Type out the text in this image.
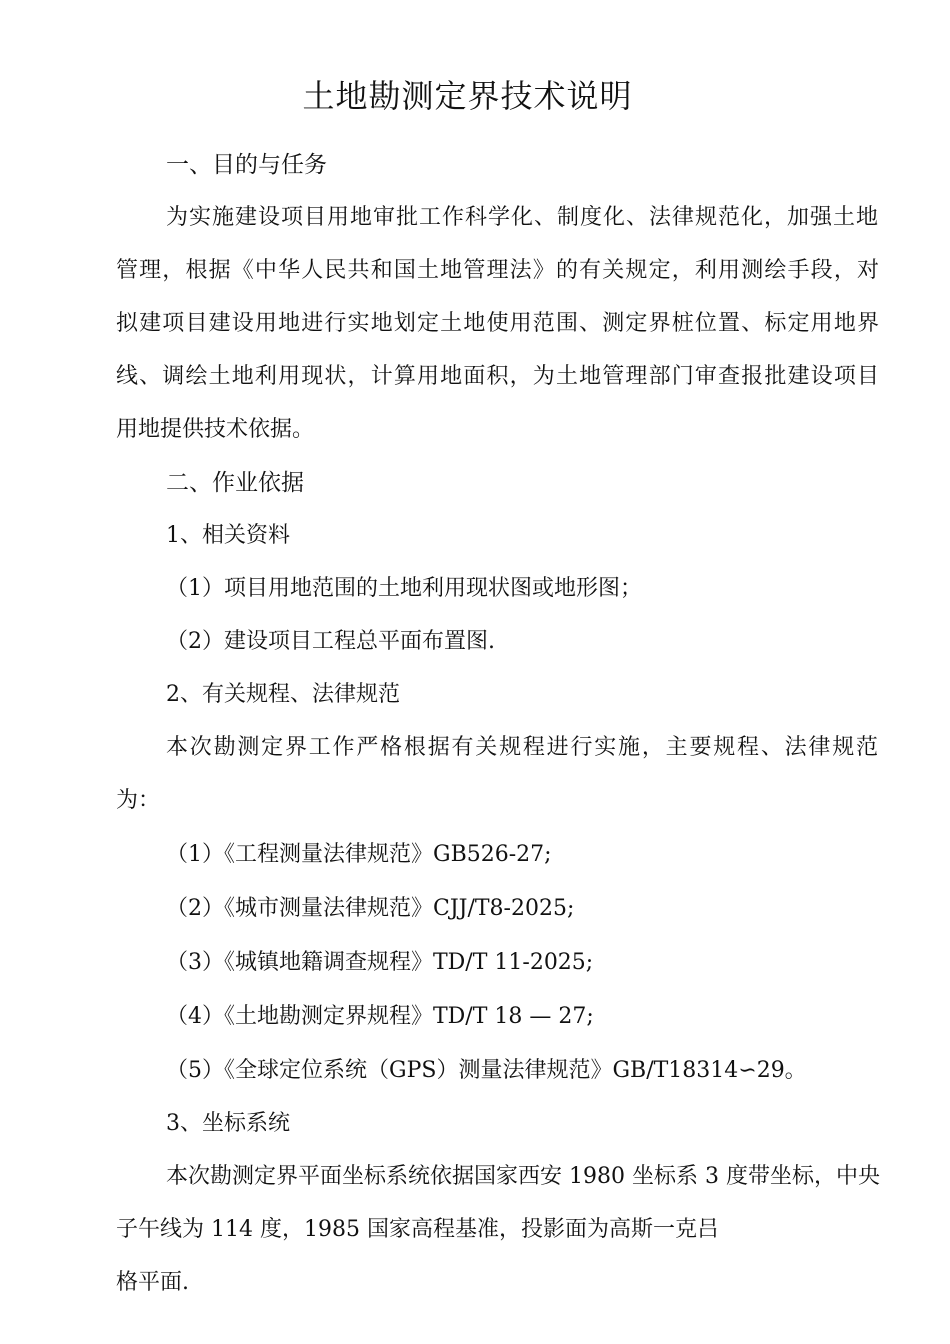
土地勘测定界技术说明
一、目的与任务
为实施建设项目用地审批工作科学化、制度化、法律规范化，加强土地
管理，根据《中华人民共和国土地管理法》的有关规定，利用测绘手段，对
拟建项目建设用地进行实地划定土地使用范围、测定界桩位置、标定用地界
线、调绘土地利用现状，计算用地面积，为土地管理部门审查报批建设项目
用地提供技术依据。
二、作业依据
1、相关资料
（1）项目用地范围的土地利用现状图或地形图；
（2）建设项目工程总平面布置图.
2、有关规程、法律规范
本次勘测定界工作严格根据有关规程进行实施，主要规程、法律规范
为：
（1）《工程测量法律规范》GB526-27;
（2）《城市测量法律规范》CJJ/T8-2025;
（3）《城镇地籍调查规程》TD/T 11-2025;
（4）《土地勘测定界规程》TD/T 18 — 27;
（5）《全球定位系统（GPS）测量法律规范》GB/T18314∽29。
3、坐标系统
本次勘测定界平面坐标系统依据国家西安 1980 坐标系 3 度带坐标，中央
子午线为 114 度，1985 国家高程基准，投影面为高斯一克吕
格平面.
